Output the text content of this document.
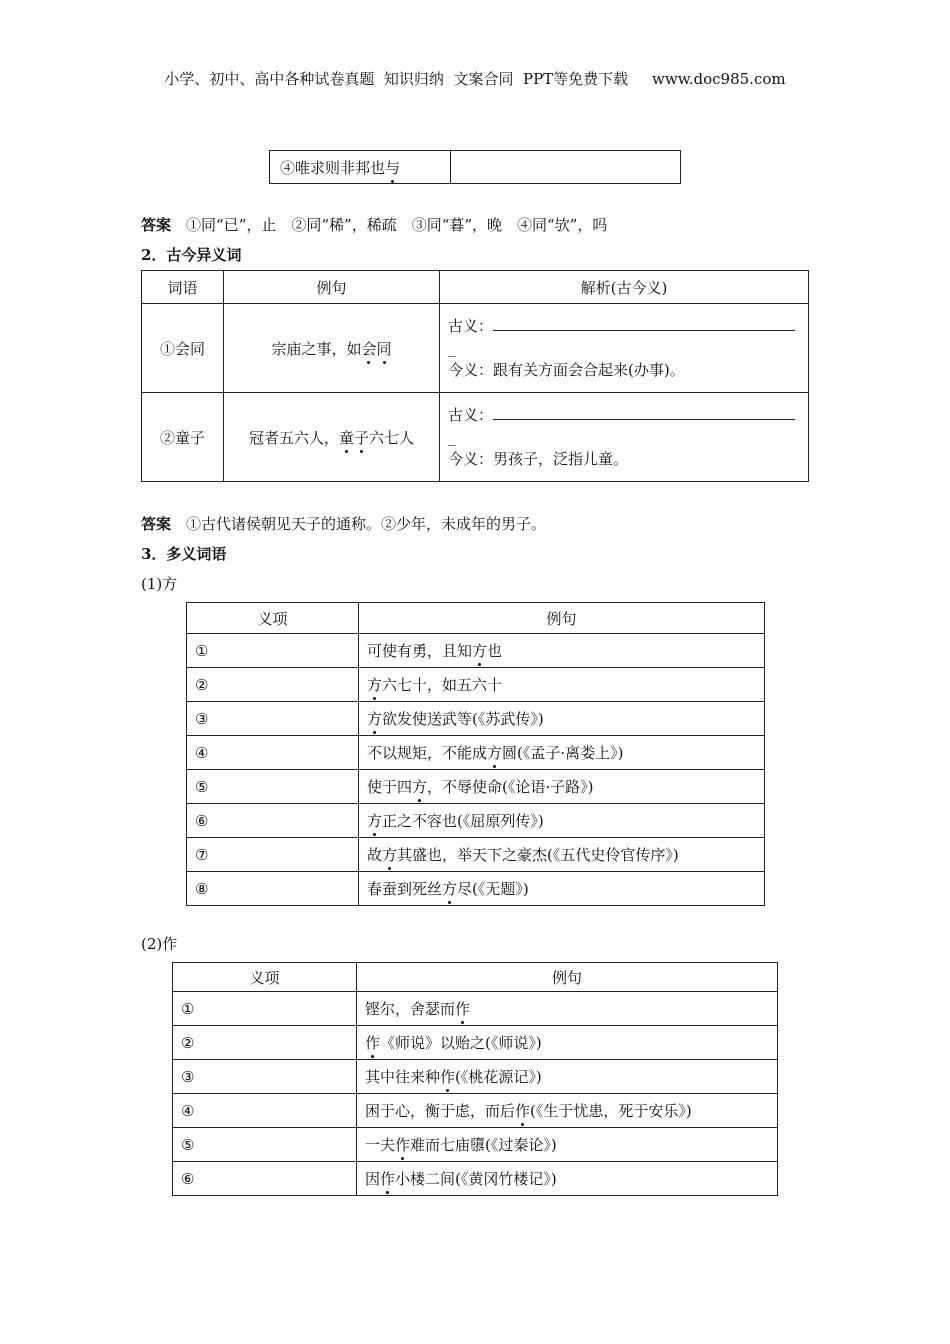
小学、初中、高中各种试卷真题  知识归纳  文案合同  PPT等免费下载     www.doc985.com
④唯求则非邦也与	
答案　 ①同“已”，止　②同“稀”，稀疏　③同“暮”，晚　④同“欤”，吗
2．古今异义词
词语	例句	解析(古今义)
①会同	宗庙之事，如会同	古义：
_
今义：跟有关方面会合起来(办事)。

②童子	冠者五六人，童子六七人	古义：
_
今义：男孩子，泛指儿童。
答案　 ①古代诸侯朝见天子的通称。②少年，未成年的男子。
3．多义词语
(1)方
义项	例句
①	可使有勇，且知方也
②	方六七十，如五六十
③	方欲发使送武等(《苏武传》)
④	不以规矩，不能成方圆(《孟子·离娄上》)
⑤	使于四方，不辱使命(《论语·子路》)
⑥	方正之不容也(《屈原列传》)
⑦	故方其盛也，举天下之豪杰(《五代史伶官传序》)
⑧	春蚕到死丝方尽(《无题》)
(2)作
义项	例句
①	铿尔，舍瑟而作
②	作《师说》以贻之(《师说》)
③	其中往来种作(《桃花源记》)
④	困于心，衡于虑，而后作(《生于忧患，死于安乐》)
⑤	一夫作难而七庙隳(《过秦论》)
⑥	因作小楼二间(《黄冈竹楼记》)
